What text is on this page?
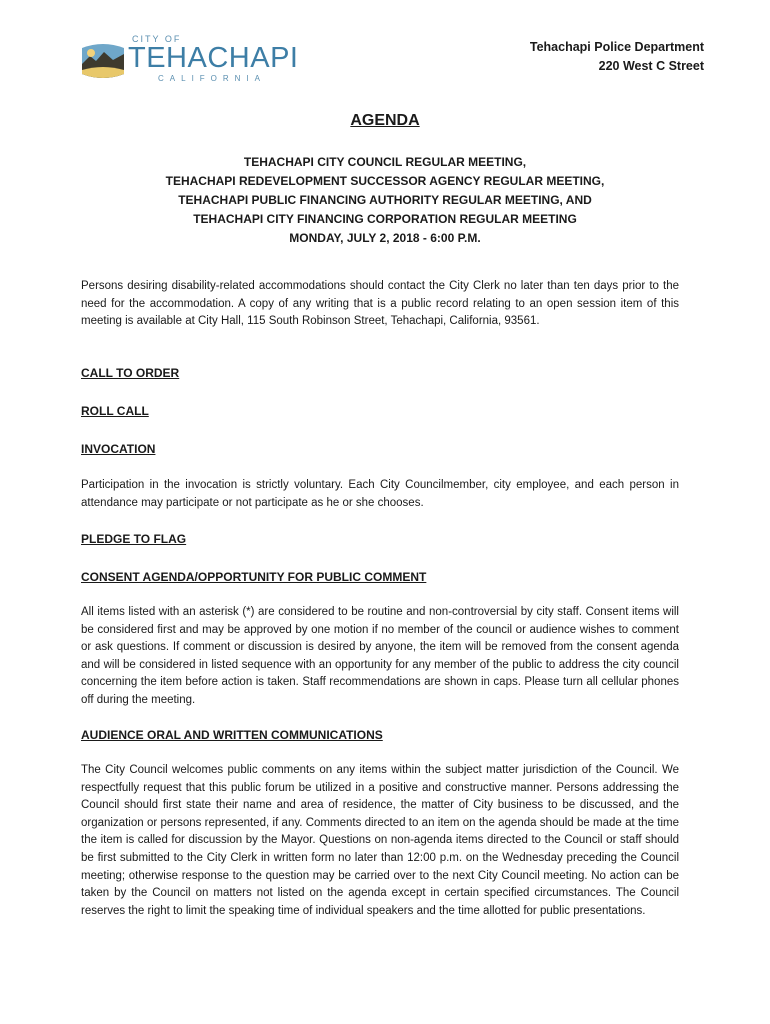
CITY OF
TEHACHAPI
CALIFORNIA
Tehachapi Police Department
220 West C Street
AGENDA
TEHACHAPI CITY COUNCIL REGULAR MEETING,
TEHACHAPI REDEVELOPMENT SUCCESSOR AGENCY REGULAR MEETING,
TEHACHAPI PUBLIC FINANCING AUTHORITY REGULAR MEETING, AND
TEHACHAPI CITY FINANCING CORPORATION REGULAR MEETING
MONDAY, JULY 2, 2018 - 6:00 P.M.
Persons desiring disability-related accommodations should contact the City Clerk no later than ten days prior to the need for the accommodation. A copy of any writing that is a public record relating to an open session item of this meeting is available at City Hall, 115 South Robinson Street, Tehachapi, California, 93561.
CALL TO ORDER
ROLL CALL
INVOCATION
Participation in the invocation is strictly voluntary. Each City Councilmember, city employee, and each person in attendance may participate or not participate as he or she chooses.
PLEDGE TO FLAG
CONSENT AGENDA/OPPORTUNITY FOR PUBLIC COMMENT
All items listed with an asterisk (*) are considered to be routine and non-controversial by city staff. Consent items will be considered first and may be approved by one motion if no member of the council or audience wishes to comment or ask questions. If comment or discussion is desired by anyone, the item will be removed from the consent agenda and will be considered in listed sequence with an opportunity for any member of the public to address the city council concerning the item before action is taken. Staff recommendations are shown in caps. Please turn all cellular phones off during the meeting.
AUDIENCE ORAL AND WRITTEN COMMUNICATIONS
The City Council welcomes public comments on any items within the subject matter jurisdiction of the Council. We respectfully request that this public forum be utilized in a positive and constructive manner. Persons addressing the Council should first state their name and area of residence, the matter of City business to be discussed, and the organization or persons represented, if any. Comments directed to an item on the agenda should be made at the time the item is called for discussion by the Mayor. Questions on non-agenda items directed to the Council or staff should be first submitted to the City Clerk in written form no later than 12:00 p.m. on the Wednesday preceding the Council meeting; otherwise response to the question may be carried over to the next City Council meeting. No action can be taken by the Council on matters not listed on the agenda except in certain specified circumstances. The Council reserves the right to limit the speaking time of individual speakers and the time allotted for public presentations.
